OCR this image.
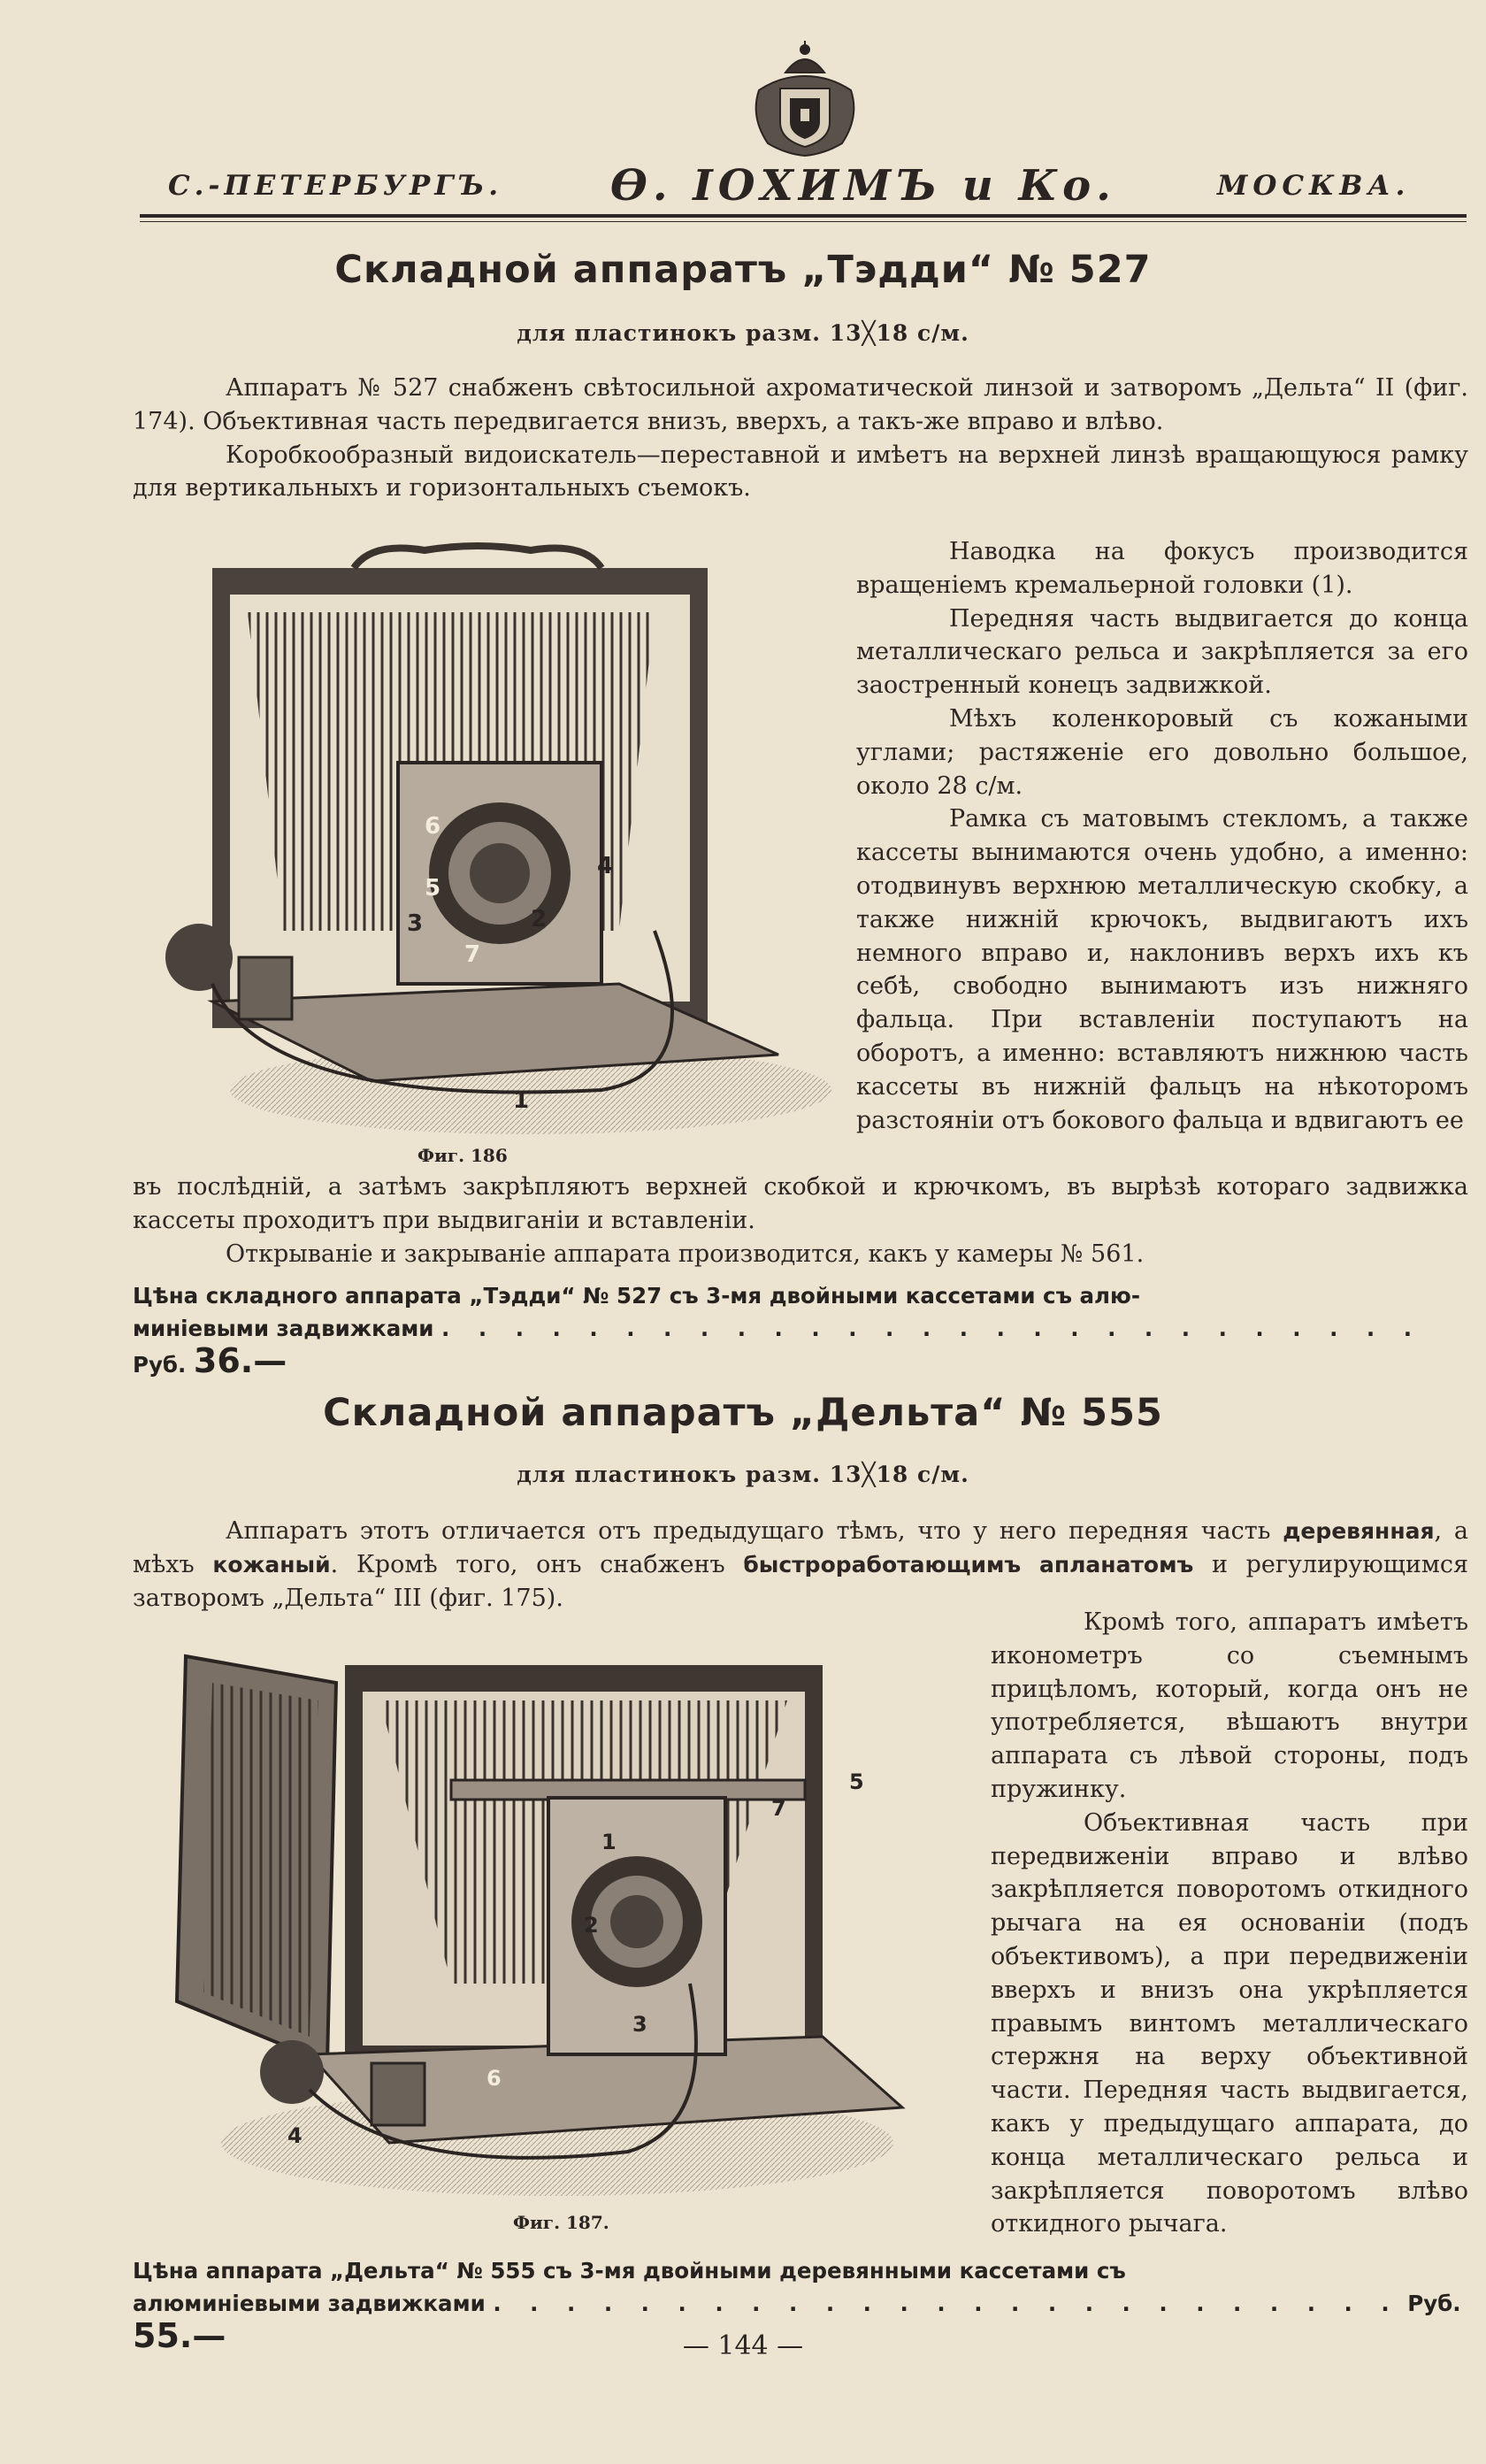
С.-ПЕТЕРБУРГЪ.	Ѳ. IОХИМЪ и Ко.	МОСКВА.
Складной аппаратъ „Тэдди“ № 527
для пластинокъ разм. 13╳18 с/м.

Аппаратъ № 527 снабженъ свѣтосильной ахроматической линзой и затворомъ „Дельта“ II (фиг. 174). Объективная часть передвигается внизъ, вверхъ, а такъ-же вправо и влѣво.

Коробкообразный видоискатель—переставной и имѣетъ на верхней линзѣ вращающуюся рамку для вертикальныхъ и горизонтальныхъ съемокъ.

6
4
5
7
3	2
1
Фиг. 186

Наводка на фокусъ производится вращеніемъ кремальерной головки (1).

Передняя часть выдвигается до конца металлическаго рельса и закрѣпляется за его заостренный конецъ задвижкой.

Мѣхъ коленкоровый съ кожаными углами; растяженіе его довольно большое, около 28 с/м.

Рамка съ матовымъ стекломъ, а также кассеты вынимаются очень удобно, а именно: отодвинувъ верхнюю металлическую скобку, а также нижній крючокъ, выдвигаютъ ихъ немного вправо и, наклонивъ верхъ ихъ къ себѣ, свободно вынимаютъ изъ нижняго фальца. При вставленіи поступаютъ на оборотъ, а именно: вставляютъ нижнюю часть кассеты въ нижній фальцъ на нѣкоторомъ разстояніи отъ бокового фальца и вдвигаютъ ее

въ послѣдній, а затѣмъ закрѣпляютъ верхней скобкой и крючкомъ, въ вырѣзѣ котораго задвижка кассеты проходитъ при выдвиганіи и вставленіи.

Открываніе и закрываніе аппарата производится, какъ у камеры № 561.

Цѣна складного аппарата „Тэдди“ № 527 съ 3-мя двойными кассетами съ алю-
миніевыми задвижками . . . . . . . . . . . . . . . . . . . . . . . . . . . Руб. 36.—
Складной аппаратъ „Дельта“ № 555
для пластинокъ разм. 13╳18 с/м.

Аппаратъ этотъ отличается отъ предыдущаго тѣмъ, что у него передняя часть деревянная, а мѣхъ кожаный. Кромѣ того, онъ снабженъ быстроработающимъ апланатомъ и регулирующимся затворомъ „Дельта“ III (фиг. 175).

1
2
3
4
5
6
7
Фиг. 187.

Кромѣ того, аппаратъ имѣетъ иконометръ со съемнымъ прицѣломъ, который, когда онъ не употребляется, вѣшаютъ внутри аппарата съ лѣвой стороны, подъ пружинку.

Объективная часть при передвиженіи вправо и влѣво закрѣпляется поворотомъ откидного рычага на ея основаніи (подъ объективомъ), а при передвиженіи вверхъ и внизъ она укрѣпляется правымъ винтомъ металлическаго стержня на верху объективной части. Передняя часть выдвигается, какъ у предыдущаго аппарата, до конца металлическаго рельса и закрѣпляется поворотомъ влѣво откидного рычага.

Цѣна аппарата „Дельта“ № 555 съ 3-мя двойными деревянными кассетами съ
алюминіевыми задвижками . . . . . . . . . . . . . . . . . . . . . . . . . Руб. 55.—	— 144 —
